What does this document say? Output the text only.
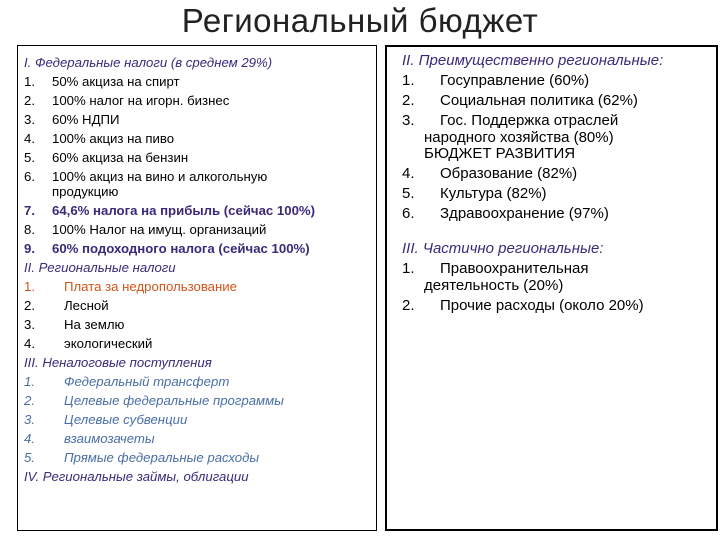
Региональный бюджет
I. Федеральные налоги (в среднем 29%)
1. 50% акциза на спирт
2. 100% налог на игорн. бизнес
3. 60% НДПИ
4. 100% акциз на пиво
5. 60% акциза на бензин
6. 100% акциз на вино и алкогольную
продукцию
7. 64,6% налога на прибыль (сейчас 100%)
8. 100% Налог на имущ. организаций
9. 60% подоходного налога (сейчас 100%)
II. Региональные налоги
1. Плата за недропользование
2. Лесной
3. На землю
4. экологический
III. Неналоговые поступления
1. Федеральный трансферт
2. Целевые федеральные программы
3. Целевые субвенции
4. взаимозачеты
5. Прямые федеральные расходы
IV. Региональные займы, облигации
II. Преимущественно региональные:
1. Госуправление (60%)
2. Социальная политика (62%)
3. Гос. Поддержка отраслей
народного хозяйства (80%)
БЮДЖЕТ РАЗВИТИЯ
4. Образование (82%)
5. Культура (82%)
6. Здравоохранение (97%)
III. Частично региональные:
1. Правоохранительная
деятельность (20%)
2. Прочие расходы (около 20%)
